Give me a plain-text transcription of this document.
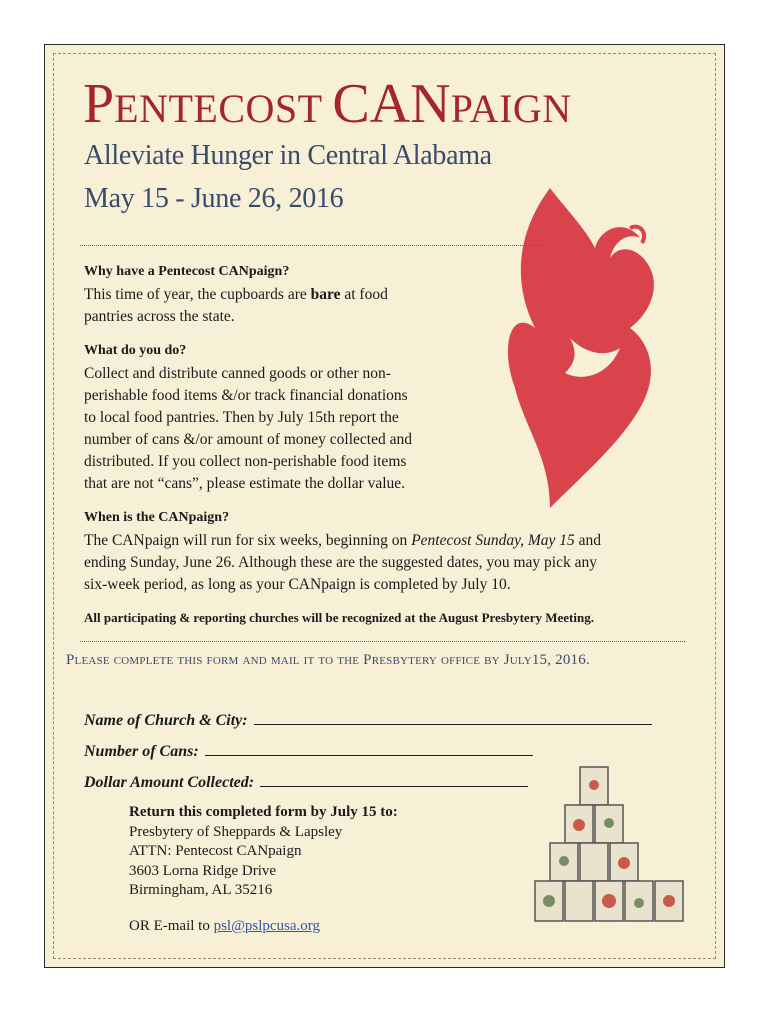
PENTECOST CANPAIGN
Alleviate Hunger in Central Alabama
May 15 - June 26, 2016
Why have a Pentecost CANpaign?
This time of year, the cupboards are bare at food
pantries across the state.
What do you do?
Collect and distribute canned goods or other non-
perishable food items &/or track financial donations
to local food pantries. Then by July 15th report the
number of cans &/or amount of money collected and
distributed. If you collect non-perishable food items
that are not “cans”, please estimate the dollar value.
When is the CANpaign?
The CANpaign will run for six weeks, beginning on Pentecost Sunday, May 15 and
ending Sunday, June 26. Although these are the suggested dates, you may pick any
six-week period, as long as your CANpaign is completed by July 10.
All participating & reporting churches will be recognized at the August Presbytery Meeting.
Please complete this form and mail it to the Presbytery office by July15, 2016.
Name of Church & City:
Number of Cans:
Dollar Amount Collected:
Return this completed form by July 15 to:
Presbytery of Sheppards & Lapsley
ATTN: Pentecost CANpaign
3603 Lorna Ridge Drive
Birmingham, AL 35216
OR E-mail to psl@pslpcusa.org
